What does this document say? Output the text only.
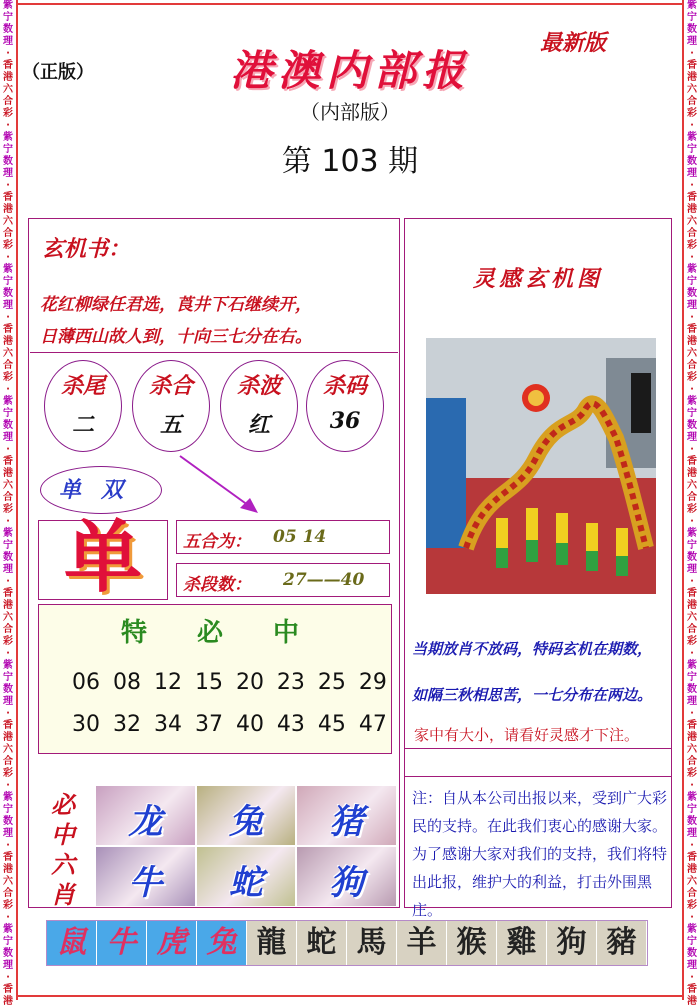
紫
宁
数
理
·
香
港
六
合
彩
·
紫
宁
数
理
·
香
港
六
合
彩
·
紫
宁
数
理
·
香
港
六
合
彩
·
紫
宁
数
理
·
香
港
六
合
彩
·
紫
宁
数
理
·
香
港
六
合
彩
·
紫
宁
数
理
·
香
港
六
合
彩
·
紫
宁
数
理
·
香
港
六
合
彩
·
紫
宁
数
理
·
香
港
紫
宁
数
理
·
香
港
六
合
彩
·
紫
宁
数
理
·
香
港
六
合
彩
·
紫
宁
数
理
·
香
港
六
合
彩
·
紫
宁
数
理
·
香
港
六
合
彩
·
紫
宁
数
理
·
香
港
六
合
彩
·
紫
宁
数
理
·
香
港
六
合
彩
·
紫
宁
数
理
·
香
港
六
合
彩
·
紫
宁
数
理
·
香
港
（正版）
最新版
港澳内部报
（内部版）
第 103 期
玄机书：
花红柳绿任君选，莨井下石继续开，
日薄西山故人到，十向三七分在右。
杀尾
二
杀合
五
杀波
红
杀码
36
单双
单	五合为： 05 14
杀段数： 27——40
特必中
06 08 12 15 20 23 25 29
30 32 34 37 40 43 45 47
必
中
六
肖
龙	兔	猪
牛	蛇	狗
灵感玄机图
当期放肖不放码，特码玄机在期数，
如隔三秋相思苦，一七分布在两边。
家中有大小，请看好灵感才下注。
注：自从本公司出报以来，受到广大彩民的支持。在此我们衷心的感谢大家。为了感谢大家对我们的支持，我们将特出此报，维护大的利益，打击外围黑庄。
鼠 牛 虎 兔 龍 蛇 馬 羊 猴 雞 狗 豬
